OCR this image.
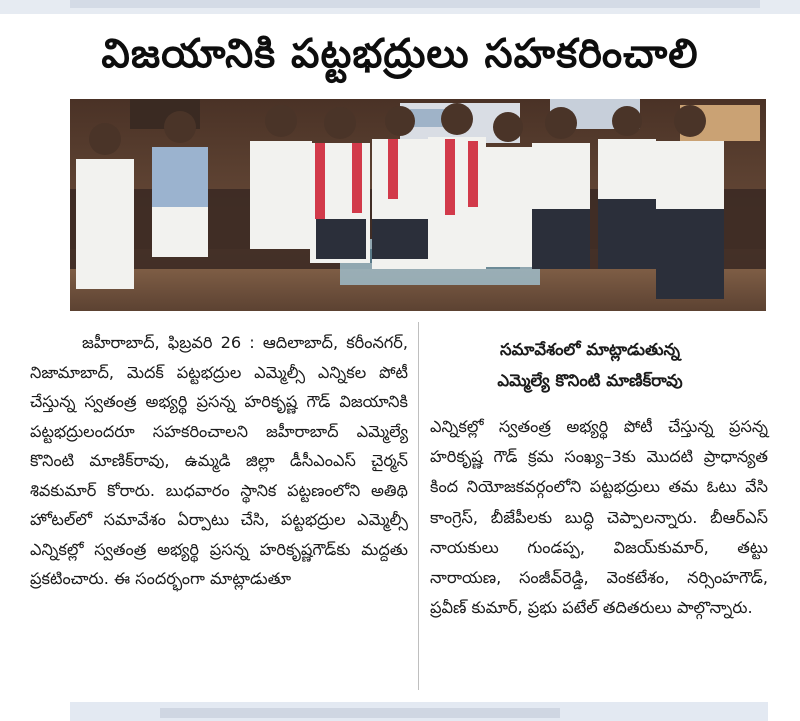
విజయానికి పట్టభద్రులు సహకరించాలి

జహీరాబాద్, ఫిబ్రవరి 26 : ఆదిలాబాద్, కరీంనగర్, నిజామాబాద్, మెదక్ పట్టభద్రుల ఎమ్మెల్సీ ఎన్నికల పోటీ చేస్తున్న స్వతంత్ర అభ్యర్థి ప్రసన్న హరికృష్ణ గౌడ్ విజయానికి పట్టభద్రులందరూ సహకరించాలని జహీరాబాద్ ఎమ్మెల్యే కొనింటి మాణిక్‌రావు, ఉమ్మడి జిల్లా డీసీఎంఎస్ చైర్మన్ శివకుమార్ కోరారు. బుధవారం స్థానిక పట్టణంలోని అతిథి హోటల్‌లో సమావేశం ఏర్పాటు చేసి, పట్టభద్రుల ఎమ్మెల్సీ ఎన్నికల్లో స్వతంత్ర అభ్యర్థి ప్రసన్న హరికృష్ణగౌడ్‌కు మద్దతు ప్రకటించారు. ఈ సందర్భంగా మాట్లాడుతూ

సమావేశంలో మాట్లాడుతున్న
ఎమ్మెల్యే కొనింటి మాణిక్‌రావు

ఎన్నికల్లో స్వతంత్ర అభ్యర్థి పోటీ చేస్తున్న ప్రసన్న హరికృష్ణ గౌడ్ క్రమ సంఖ్య–3కు మొదటి ప్రాధాన్యత కింద నియోజకవర్గంలోని పట్టభద్రులు తమ ఓటు వేసి కాంగ్రెస్, బీజేపీలకు బుద్ధి చెప్పాలన్నారు. బీఆర్ఎస్ నాయకులు గుండప్ప, విజయ్‌కుమార్, తట్టు నారాయణ, సంజీవ్‌రెడ్డి, వెంకటేశం, నర్సింహగౌడ్, ప్రవీణ్ కుమార్, ప్రభు పటేల్ తదితరులు పాల్గొన్నారు.
